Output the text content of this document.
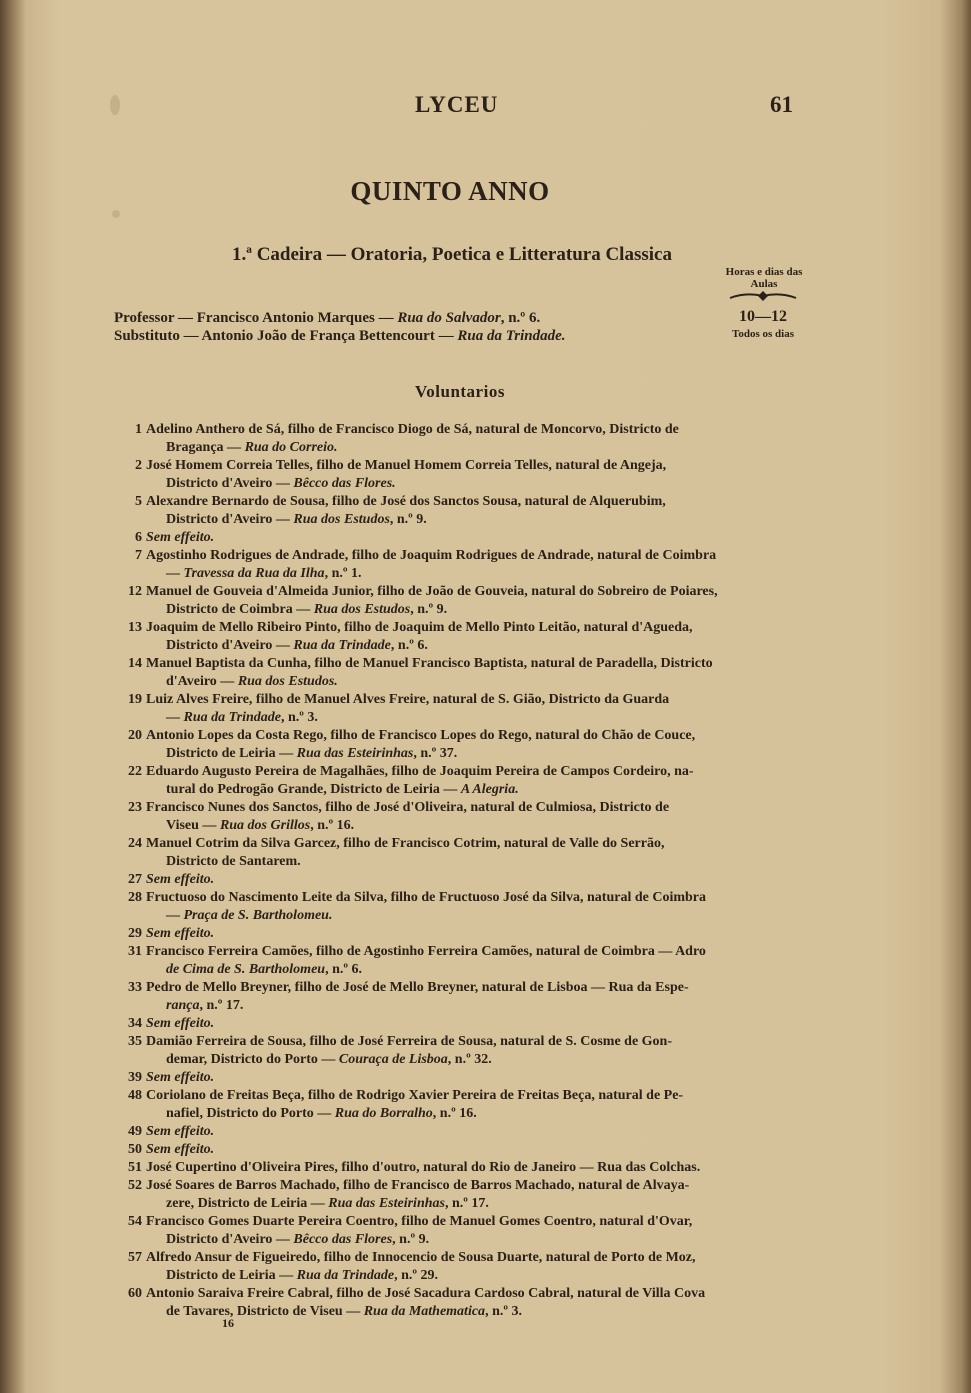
LYCEU	61
QUINTO ANNO
1.ª Cadeira — Oratoria, Poetica e Litteratura Classica
Horas e dias das Aulas
Professor — Francisco Antonio Marques — Rua do Salvador, n.º 6.	10—12
Substituto — Antonio João de França Bettencourt — Rua da Trindade.	Todos os dias
Voluntarios
1 Adelino Anthero de Sá, filho de Francisco Diogo de Sá, natural de Moncorvo, Districto de
Bragança — Rua do Correio.
2 José Homem Correia Telles, filho de Manuel Homem Correia Telles, natural de Angeja,
Districto d'Aveiro — Bêcco das Flores.
5 Alexandre Bernardo de Sousa, filho de José dos Sanctos Sousa, natural de Alquerubim,
Districto d'Aveiro — Rua dos Estudos, n.º 9.
6 Sem effeito.
7 Agostinho Rodrigues de Andrade, filho de Joaquim Rodrigues de Andrade, natural de Coimbra
— Travessa da Rua da Ilha, n.º 1.
12 Manuel de Gouveia d'Almeida Junior, filho de João de Gouveia, natural do Sobreiro de Poiares,
Districto de Coimbra — Rua dos Estudos, n.º 9.
13 Joaquim de Mello Ribeiro Pinto, filho de Joaquim de Mello Pinto Leitão, natural d'Agueda,
Districto d'Aveiro — Rua da Trindade, n.º 6.
14 Manuel Baptista da Cunha, filho de Manuel Francisco Baptista, natural de Paradella, Districto
d'Aveiro — Rua dos Estudos.
19 Luiz Alves Freire, filho de Manuel Alves Freire, natural de S. Gião, Districto da Guarda
— Rua da Trindade, n.º 3.
20 Antonio Lopes da Costa Rego, filho de Francisco Lopes do Rego, natural do Chão de Couce,
Districto de Leiria — Rua das Esteirinhas, n.º 37.
22 Eduardo Augusto Pereira de Magalhães, filho de Joaquim Pereira de Campos Cordeiro, na-
tural do Pedrogão Grande, Districto de Leiria — A Alegria.
23 Francisco Nunes dos Sanctos, filho de José d'Oliveira, natural de Culmiosa, Districto de
Viseu — Rua dos Grillos, n.º 16.
24 Manuel Cotrim da Silva Garcez, filho de Francisco Cotrim, natural de Valle do Serrão,
Districto de Santarem.
27 Sem effeito.
28 Fructuoso do Nascimento Leite da Silva, filho de Fructuoso José da Silva, natural de Coimbra
— Praça de S. Bartholomeu.
29 Sem effeito.
31 Francisco Ferreira Camões, filho de Agostinho Ferreira Camões, natural de Coimbra — Adro
de Cima de S. Bartholomeu, n.º 6.
33 Pedro de Mello Breyner, filho de José de Mello Breyner, natural de Lisboa — Rua da Espe-
rança, n.º 17.
34 Sem effeito.
35 Damião Ferreira de Sousa, filho de José Ferreira de Sousa, natural de S. Cosme de Gon-
demar, Districto do Porto — Couraça de Lisboa, n.º 32.
39 Sem effeito.
48 Coriolano de Freitas Beça, filho de Rodrigo Xavier Pereira de Freitas Beça, natural de Pe-
nafiel, Districto do Porto — Rua do Borralho, n.º 16.
49 Sem effeito.
50 Sem effeito.
51 José Cupertino d'Oliveira Pires, filho d'outro, natural do Rio de Janeiro — Rua das Colchas.
52 José Soares de Barros Machado, filho de Francisco de Barros Machado, natural de Alvaya-
zere, Districto de Leiria — Rua das Esteirinhas, n.º 17.
54 Francisco Gomes Duarte Pereira Coentro, filho de Manuel Gomes Coentro, natural d'Ovar,
Districto d'Aveiro — Bêcco das Flores, n.º 9.
57 Alfredo Ansur de Figueiredo, filho de Innocencio de Sousa Duarte, natural de Porto de Moz,
Districto de Leiria — Rua da Trindade, n.º 29.
60 Antonio Saraiva Freire Cabral, filho de José Sacadura Cardoso Cabral, natural de Villa Cova
de Tavares, Districto de Viseu — Rua da Mathematica, n.º 3.
16
